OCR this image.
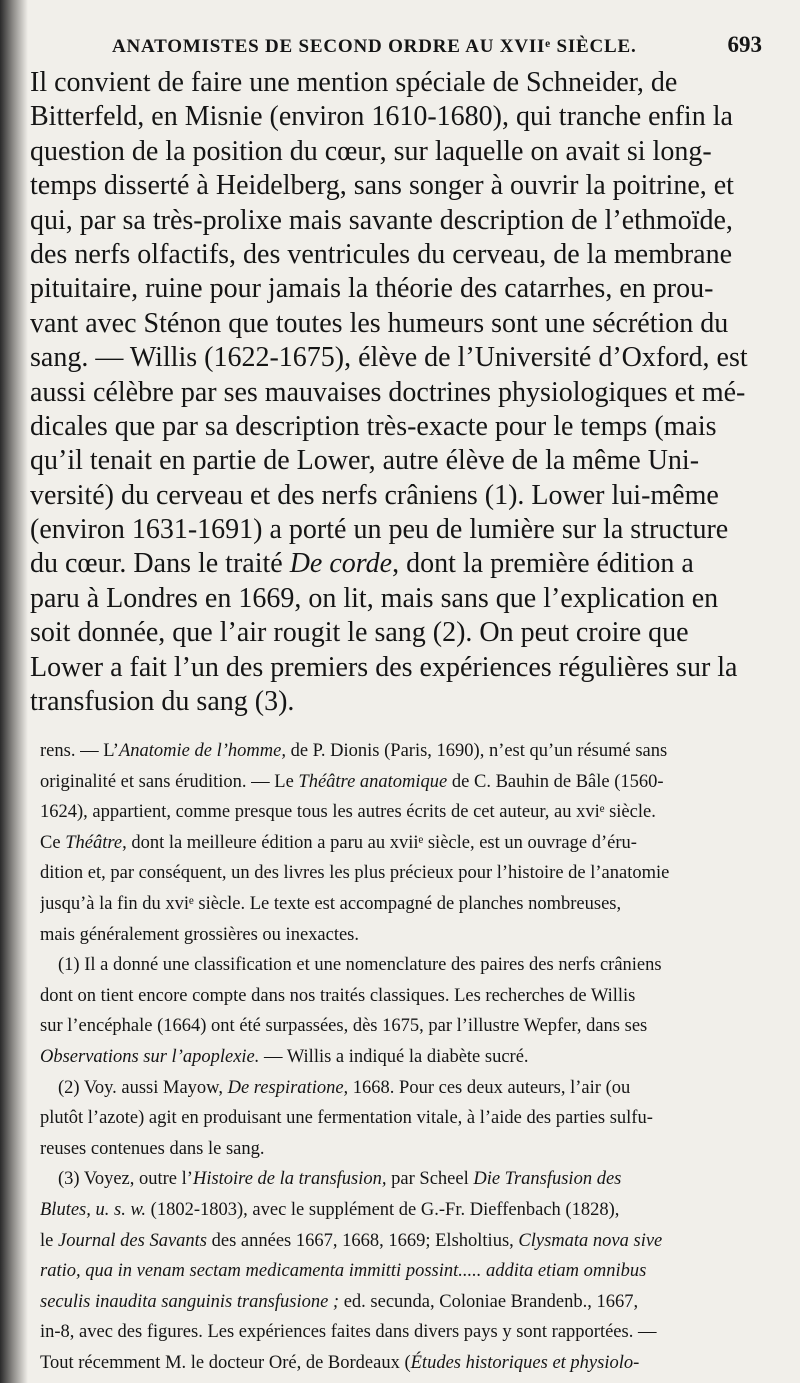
ANATOMISTES DE SECOND ORDRE AU XVIIᵉ SIÈCLE.	693
Il convient de faire une mention spéciale de Schneider, de
Bitterfeld, en Misnie (environ 1610-1680), qui tranche enfin la
question de la position du cœur, sur laquelle on avait si long-
temps disserté à Heidelberg, sans songer à ouvrir la poitrine, et
qui, par sa très-prolixe mais savante description de l’ethmoïde,
des nerfs olfactifs, des ventricules du cerveau, de la membrane
pituitaire, ruine pour jamais la théorie des catarrhes, en prou-
vant avec Sténon que toutes les humeurs sont une sécrétion du
sang. — Willis (1622-1675), élève de l’Université d’Oxford, est
aussi célèbre par ses mauvaises doctrines physiologiques et mé-
dicales que par sa description très-exacte pour le temps (mais
qu’il tenait en partie de Lower, autre élève de la même Uni-
versité) du cerveau et des nerfs crâniens (1). Lower lui-même
(environ 1631-1691) a porté un peu de lumière sur la structure
du cœur. Dans le traité De corde, dont la première édition a
paru à Londres en 1669, on lit, mais sans que l’explication en
soit donnée, que l’air rougit le sang (2). On peut croire que
Lower a fait l’un des premiers des expériences régulières sur la
transfusion du sang (3).
rens. — L’Anatomie de l’homme, de P. Dionis (Paris, 1690), n’est qu’un résumé sans
originalité et sans érudition. — Le Théâtre anatomique de C. Bauhin de Bâle (1560-
1624), appartient, comme presque tous les autres écrits de cet auteur, au xviᵉ siècle.
Ce Théâtre, dont la meilleure édition a paru au xviiᵉ siècle, est un ouvrage d’éru-
dition et, par conséquent, un des livres les plus précieux pour l’histoire de l’anatomie
jusqu’à la fin du xviᵉ siècle. Le texte est accompagné de planches nombreuses,
mais généralement grossières ou inexactes.
(1) Il a donné une classification et une nomenclature des paires des nerfs crâniens
dont on tient encore compte dans nos traités classiques. Les recherches de Willis
sur l’encéphale (1664) ont été surpassées, dès 1675, par l’illustre Wepfer, dans ses
Observations sur l’apoplexie. — Willis a indiqué la diabète sucré.
(2) Voy. aussi Mayow, De respiratione, 1668. Pour ces deux auteurs, l’air (ou
plutôt l’azote) agit en produisant une fermentation vitale, à l’aide des parties sulfu-
reuses contenues dans le sang.
(3) Voyez, outre l’Histoire de la transfusion, par Scheel Die Transfusion des
Blutes, u. s. w. (1802-1803), avec le supplément de G.-Fr. Dieffenbach (1828),
le Journal des Savants des années 1667, 1668, 1669; Elsholtius, Clysmata nova sive
ratio, qua in venam sectam medicamenta immitti possint..... addita etiam omnibus
seculis inaudita sanguinis transfusione ; ed. secunda, Coloniae Brandenb., 1667,
in-8, avec des figures. Les expériences faites dans divers pays y sont rapportées. —
Tout récemment M. le docteur Oré, de Bordeaux (Études historiques et physiolo-
